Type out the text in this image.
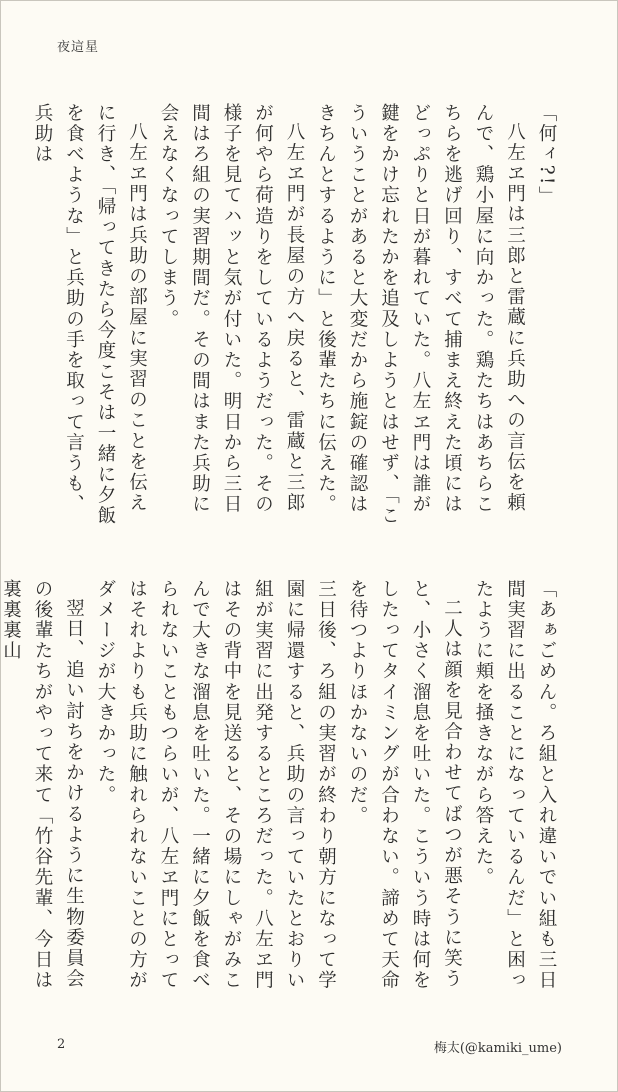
夜這星

「何ィ?!」

八左ヱ門は三郎と雷蔵に兵助への言伝を頼んで、鶏小屋に向かった。鶏たちはあちらこちらを逃げ回り、すべて捕まえ終えた頃にはどっぷりと日が暮れていた。八左ヱ門は誰が鍵をかけ忘れたかを追及しようとはせず、「こういうことがあると大変だから施錠の確認はきちんとするように」と後輩たちに伝えた。

八左ヱ門が長屋の方へ戻ると、雷蔵と三郎が何やら荷造りをしているようだった。その様子を見てハッと気が付いた。明日から三日間はろ組の実習期間だ。その間はまた兵助に会えなくなってしまう。

八左ヱ門は兵助の部屋に実習のことを伝えに行き、「帰ってきたら今度こそは一緒に夕飯を食べような」と兵助の手を取って言うも、兵助は

「あぁごめん。ろ組と入れ違いでい組も三日間実習に出ることになっているんだ」と困ったように頬を掻きながら答えた。

二人は顔を見合わせてばつが悪そうに笑うと、小さく溜息を吐いた。こういう時は何をしたってタイミングが合わない。諦めて天命を待つよりほかないのだ。

三日後、ろ組の実習が終わり朝方になって学園に帰還すると、兵助の言っていたとおりい組が実習に出発するところだった。八左ヱ門はその背中を見送ると、その場にしゃがみこんで大きな溜息を吐いた。一緒に夕飯を食べられないこともつらいが、八左ヱ門にとってはそれよりも兵助に触れられないことの方がダメージが大きかった。

翌日、追い討ちをかけるように生物委員会の後輩たちがやって来て「竹谷先輩、今日は裏裏裏山

2	梅太(@kamiki_ume)
